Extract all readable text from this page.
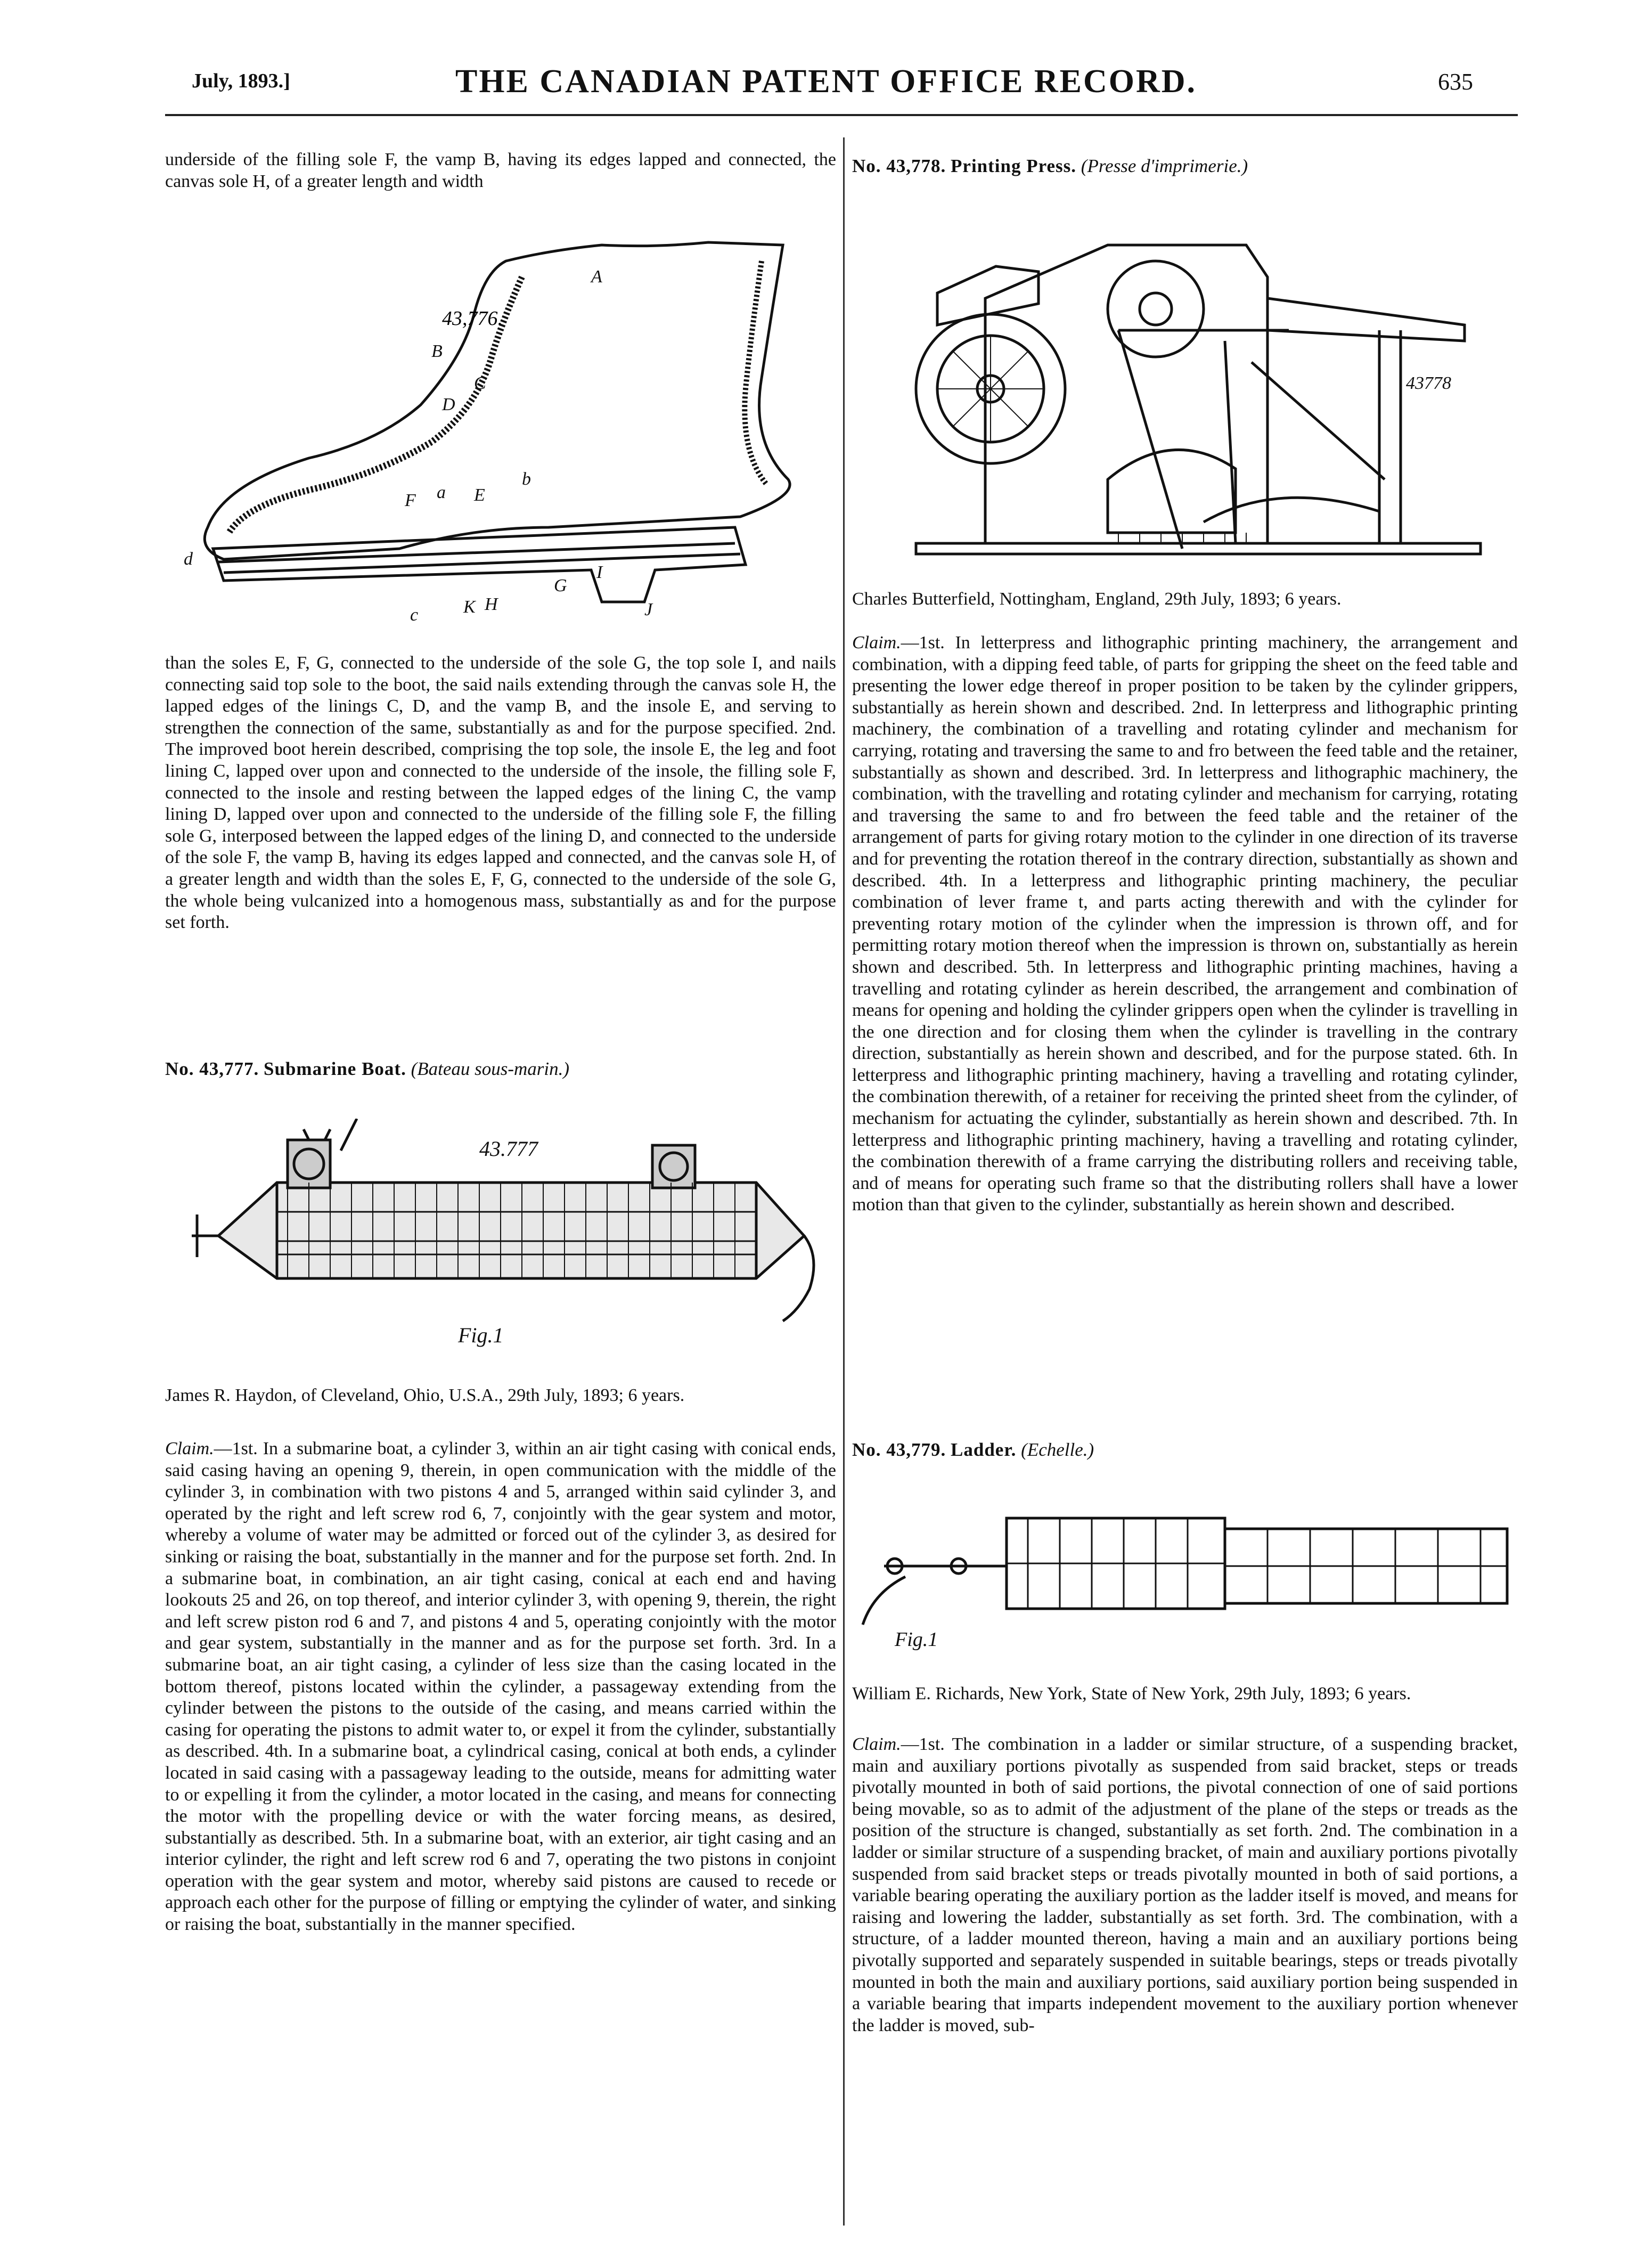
July, 1893.]	THE CANADIAN PATENT OFFICE RECORD.	635

underside of the filling sole F, the vamp B, having its edges lapped and connected, the canvas sole H, of a greater length and width

43,776.
A
B
C
D
F a E
b
d
c K H
G
I
J

than the soles E, F, G, connected to the underside of the sole G, the top sole I, and nails connecting said top sole to the boot, the said nails extending through the canvas sole H, the lapped edges of the linings C, D, and the vamp B, and the insole E, and serving to strengthen the connection of the same, substantially as and for the purpose specified. 2nd. The improved boot herein described, comprising the top sole, the insole E, the leg and foot lining C, lapped over upon and connected to the underside of the insole, the filling sole F, connected to the insole and resting between the lapped edges of the lining C, the vamp lining D, lapped over upon and connected to the underside of the filling sole F, the filling sole G, interposed between the lapped edges of the lining D, and connected to the underside of the sole F, the vamp B, having its edges lapped and connected, and the canvas sole H, of a greater length and width than the soles E, F, G, connected to the underside of the sole G, the whole being vulcanized into a homogenous mass, substantially as and for the purpose set forth.

No. 43,777. Submarine Boat. (Bateau sous-marin.)
43.777
Fig.1

James R. Haydon, of Cleveland, Ohio, U.S.A., 29th July, 1893; 6 years.

Claim.—1st. In a submarine boat, a cylinder 3, within an air tight casing with conical ends, said casing having an opening 9, therein, in open communication with the middle of the cylinder 3, in combination with two pistons 4 and 5, arranged within said cylinder 3, and operated by the right and left screw rod 6, 7, conjointly with the gear system and motor, whereby a volume of water may be admitted or forced out of the cylinder 3, as desired for sinking or raising the boat, substantially in the manner and for the purpose set forth. 2nd. In a submarine boat, in combination, an air tight casing, conical at each end and having lookouts 25 and 26, on top thereof, and interior cylinder 3, with opening 9, therein, the right and left screw piston rod 6 and 7, and pistons 4 and 5, operating conjointly with the motor and gear system, substantially in the manner and as for the purpose set forth. 3rd. In a submarine boat, an air tight casing, a cylinder of less size than the casing located in the bottom thereof, pistons located within the cylinder, a passageway extending from the cylinder between the pistons to the outside of the casing, and means carried within the casing for operating the pistons to admit water to, or expel it from the cylinder, substantially as described. 4th. In a submarine boat, a cylindrical casing, conical at both ends, a cylinder located in said casing with a passageway leading to the outside, means for admitting water to or expelling it from the cylinder, a motor located in the casing, and means for connecting the motor with the propelling device or with the water forcing means, as desired, substantially as described. 5th. In a submarine boat, with an exterior, air tight casing and an interior cylinder, the right and left screw rod 6 and 7, operating the two pistons in conjoint operation with the gear system and motor, whereby said pistons are caused to recede or approach each other for the purpose of filling or emptying the cylinder of water, and sinking or raising the boat, substantially in the manner specified.

No. 43,778. Printing Press. (Presse d'imprimerie.)
43778

Charles Butterfield, Nottingham, England, 29th July, 1893; 6 years.

Claim.—1st. In letterpress and lithographic printing machinery, the arrangement and combination, with a dipping feed table, of parts for gripping the sheet on the feed table and presenting the lower edge thereof in proper position to be taken by the cylinder grippers, substantially as herein shown and described. 2nd. In letterpress and lithographic printing machinery, the combination of a travelling and rotating cylinder and mechanism for carrying, rotating and traversing the same to and fro between the feed table and the retainer, substantially as shown and described. 3rd. In letterpress and lithographic machinery, the combination, with the travelling and rotating cylinder and mechanism for carrying, rotating and traversing the same to and fro between the feed table and the retainer of the arrangement of parts for giving rotary motion to the cylinder in one direction of its traverse and for preventing the rotation thereof in the contrary direction, substantially as shown and described. 4th. In a letterpress and lithographic printing machinery, the peculiar combination of lever frame t, and parts acting therewith and with the cylinder for preventing rotary motion of the cylinder when the impression is thrown off, and for permitting rotary motion thereof when the impression is thrown on, substantially as herein shown and described. 5th. In letterpress and lithographic printing machines, having a travelling and rotating cylinder as herein described, the arrangement and combination of means for opening and holding the cylinder grippers open when the cylinder is travelling in the one direction and for closing them when the cylinder is travelling in the contrary direction, substantially as herein shown and described, and for the purpose stated. 6th. In letterpress and lithographic printing machinery, having a travelling and rotating cylinder, the combination therewith, of a retainer for receiving the printed sheet from the cylinder, of mechanism for actuating the cylinder, substantially as herein shown and described. 7th. In letterpress and lithographic printing machinery, having a travelling and rotating cylinder, the combination therewith of a frame carrying the distributing rollers and receiving table, and of means for operating such frame so that the distributing rollers shall have a lower motion than that given to the cylinder, substantially as herein shown and described.

No. 43,779. Ladder. (Echelle.)
Fig.1

William E. Richards, New York, State of New York, 29th July, 1893; 6 years.

Claim.—1st. The combination in a ladder or similar structure, of a suspending bracket, main and auxiliary portions pivotally as suspended from said bracket, steps or treads pivotally mounted in both of said portions, the pivotal connection of one of said portions being movable, so as to admit of the adjustment of the plane of the steps or treads as the position of the structure is changed, substantially as set forth. 2nd. The combination in a ladder or similar structure of a suspending bracket, of main and auxiliary portions pivotally suspended from said bracket steps or treads pivotally mounted in both of said portions, a variable bearing operating the auxiliary portion as the ladder itself is moved, and means for raising and lowering the ladder, substantially as set forth. 3rd. The combination, with a structure, of a ladder mounted thereon, having a main and an auxiliary portions being pivotally supported and separately suspended in suitable bearings, steps or treads pivotally mounted in both the main and auxiliary portions, said auxiliary portion being suspended in a variable bearing that imparts independent movement to the auxiliary portion whenever the ladder is moved, sub-
